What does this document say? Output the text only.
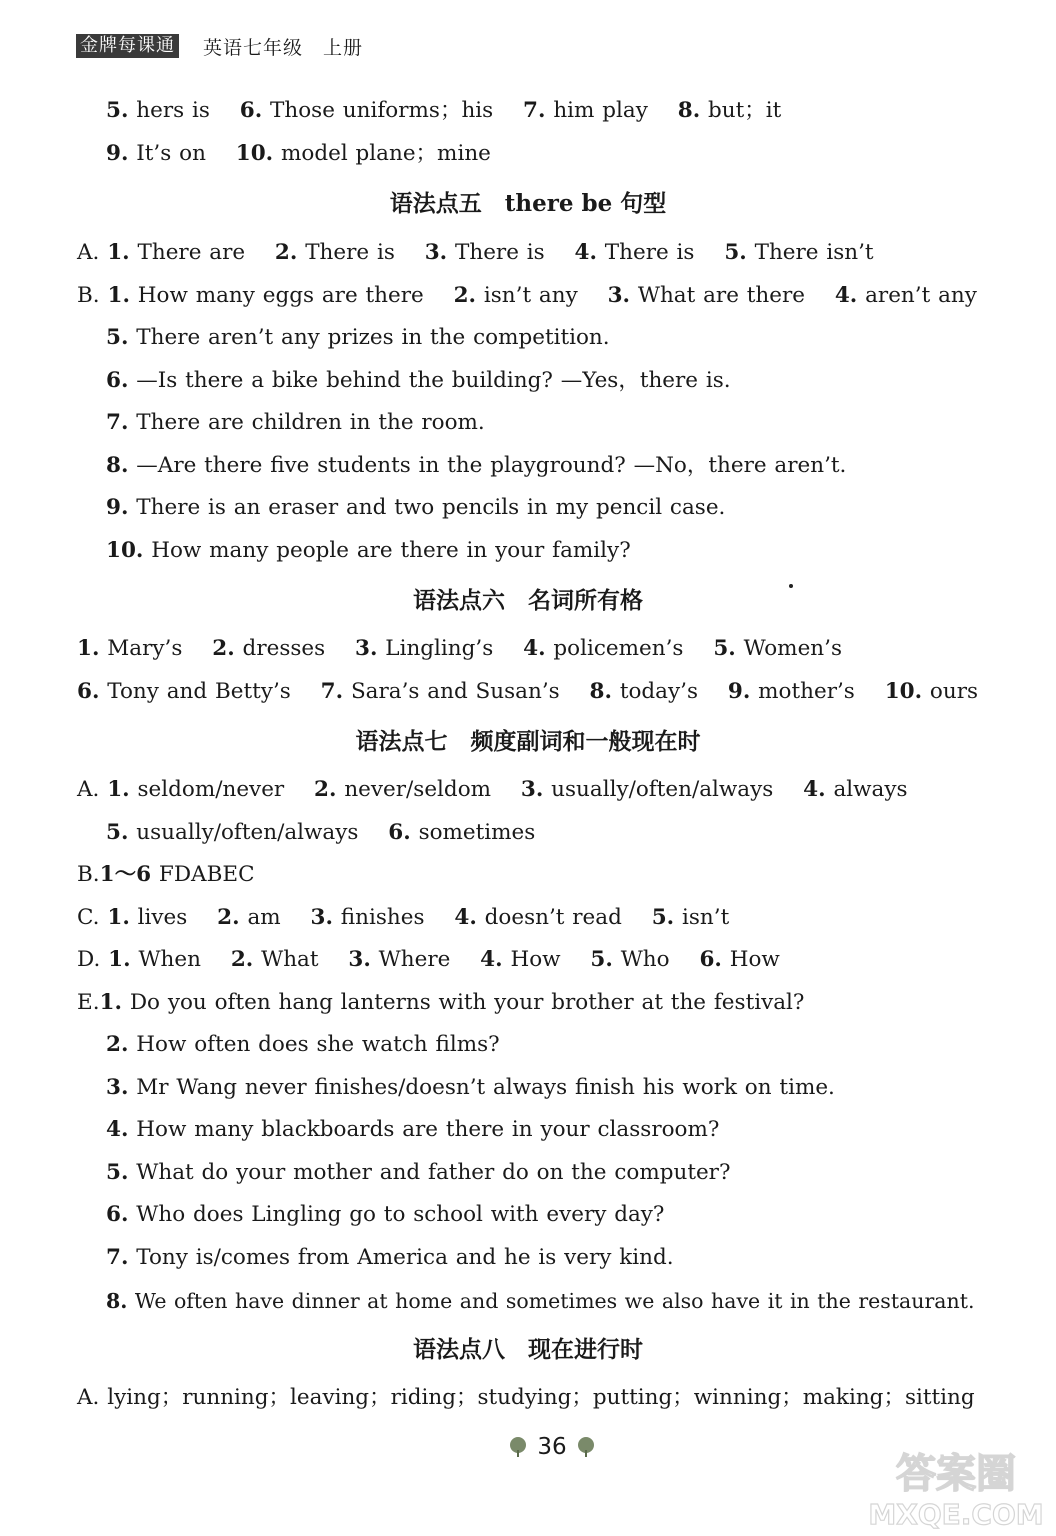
金牌每课通 英语七年级　上册
5. hers is 6. Those uniforms；his 7. him play 8. but；it
9. It’s on 10. model plane；mine
语法点五　 there be 句型
A. 1. There are 2. There is 3. There is 4. There is 5. There isn’t
B. 1. How many eggs are there 2. isn’t any 3. What are there 4. aren’t any
5. There aren’t any prizes in the competition.
6. —Is there a bike behind the building? —Yes，there is.
7. There are children in the room.
8. —Are there five students in the playground? —No，there aren’t.
9. There is an eraser and two pencils in my pencil case.
10. How many people are there in your family?
语法点六　名词所有格
1. Mary’s 2. dresses 3. Lingling’s 4. policemen’s 5. Women’s
6. Tony and Betty’s 7. Sara’s and Susan’s 8. today’s 9. mother’s 10. ours
语法点七　频度副词和一般现在时
A. 1. seldom/never 2. never/seldom 3. usually/often/always 4. always
5. usually/often/always 6. sometimes
B.1～6 FDABEC
C. 1. lives 2. am 3. finishes 4. doesn’t read 5. isn’t
D. 1. When 2. What 3. Where 4. How 5. Who 6. How
E.1. Do you often hang lanterns with your brother at the festival?
2. How often does she watch films?
3. Mr Wang never finishes/doesn’t always finish his work on time.
4. How many blackboards are there in your classroom?
5. What do your mother and father do on the computer?
6. Who does Lingling go to school with every day?
7. Tony is/comes from America and he is very kind.
8. We often have dinner at home and sometimes we also have it in the restaurant.
语法点八　现在进行时
A. lying；running；leaving；riding；studying；putting；winning；making；sitting
36
答案圈
MXQE.COM
